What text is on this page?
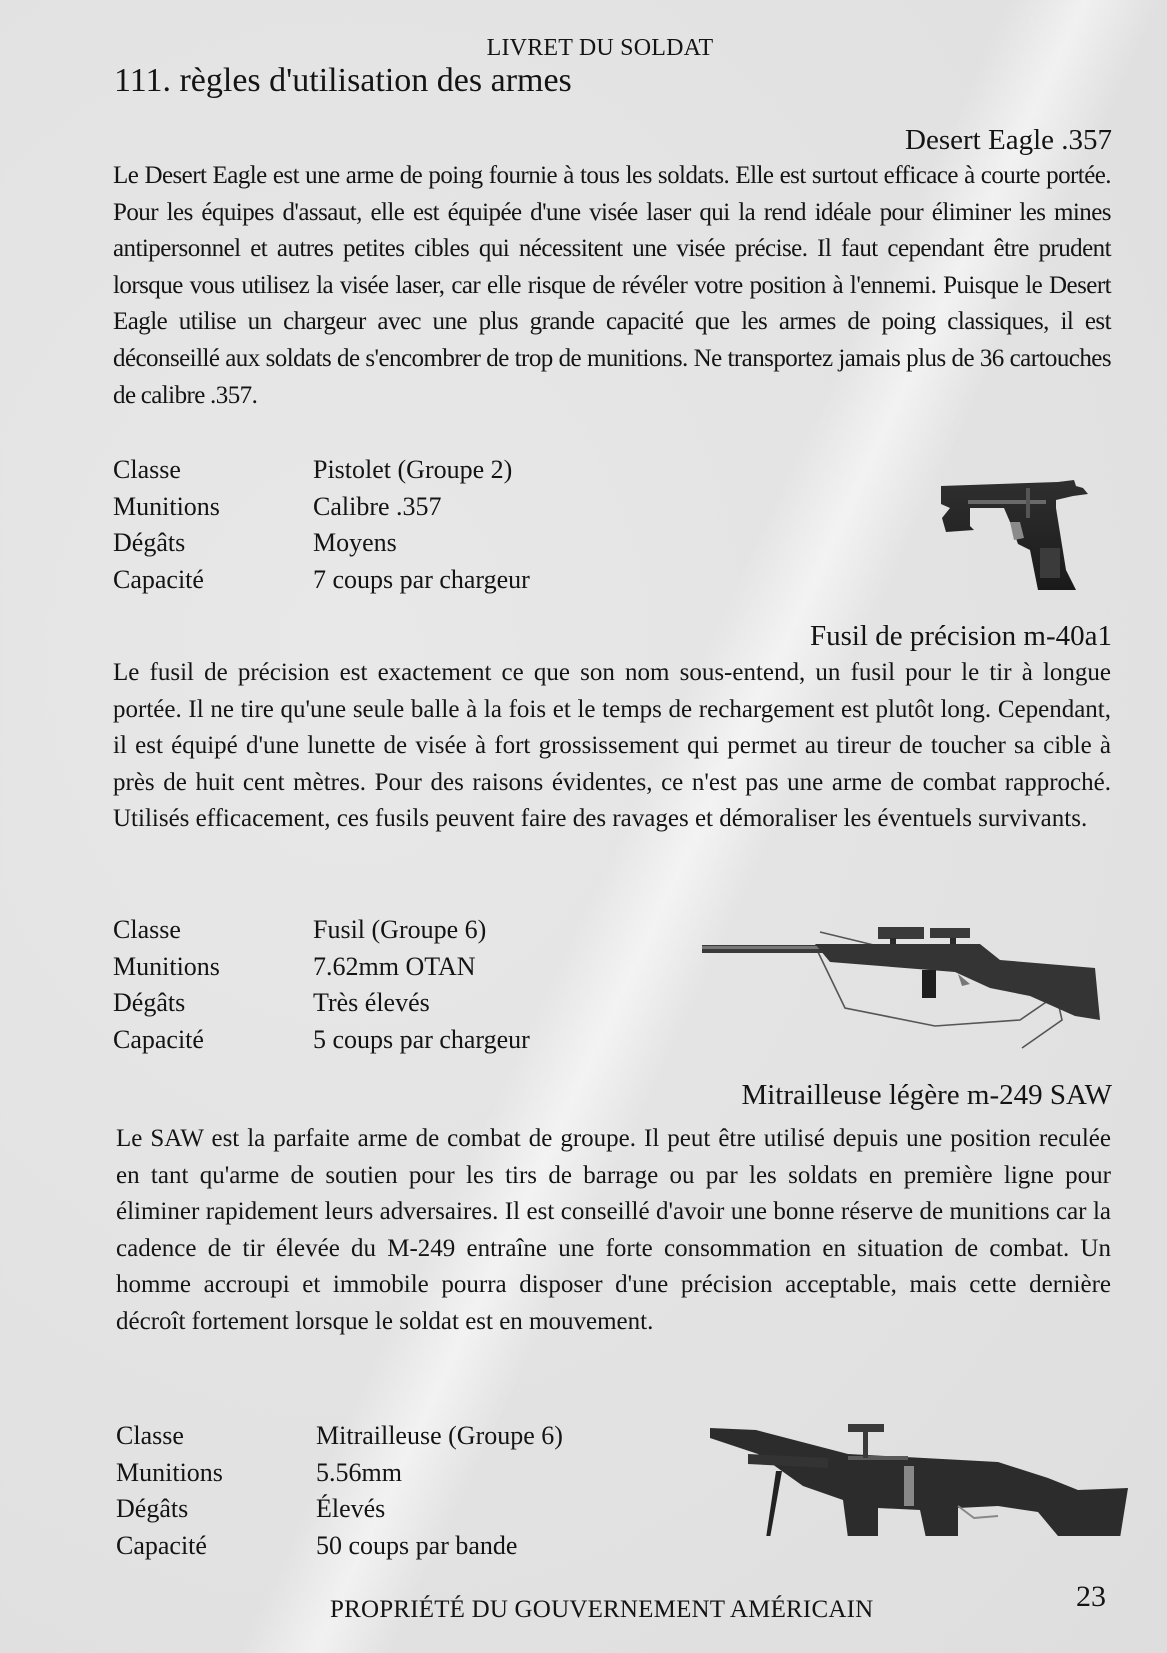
LIVRET DU SOLDAT
111. règles d'utilisation des armes
Desert Eagle .357
Le Desert Eagle est une arme de poing fournie à tous les soldats. Elle est surtout efficace à courte portée. Pour les équipes d'assaut, elle est équipée d'une visée laser qui la rend idéale pour éliminer les mines antipersonnel et autres petites cibles qui nécessitent une visée précise. Il faut cependant être prudent lorsque vous utilisez la visée laser, car elle risque de révéler votre position à l'ennemi. Puisque le Desert Eagle utilise un chargeur avec une plus grande capacité que les armes de poing classiques, il est déconseillé aux soldats de s'encombrer de trop de munitions. Ne transportez jamais plus de 36 cartouches de calibre .357.
Classe	Pistolet (Groupe 2)
Munitions	Calibre .357
Dégâts	Moyens
Capacité	7 coups par chargeur
Fusil de précision m-40a1
Le fusil de précision est exactement ce que son nom sous-entend, un fusil pour le tir à longue portée. Il ne tire qu'une seule balle à la fois et le temps de rechargement est plutôt long. Cependant, il est équipé d'une lunette de visée à fort grossissement qui permet au tireur de toucher sa cible à près de huit cent mètres. Pour des raisons évidentes, ce n'est pas une arme de combat rapproché. Utilisés efficacement, ces fusils peuvent faire des ravages et démoraliser les éventuels survivants.
Classe	Fusil (Groupe 6)
Munitions	7.62mm OTAN
Dégâts	Très élevés
Capacité	5 coups par chargeur
Mitrailleuse légère m-249 SAW
Le SAW est la parfaite arme de combat de groupe. Il peut être utilisé depuis une position reculée en tant qu'arme de soutien pour les tirs de barrage ou par les soldats en première ligne pour éliminer rapidement leurs adversaires. Il est conseillé d'avoir une bonne réserve de munitions car la cadence de tir élevée du M-249 entraîne une forte consommation en situation de combat. Un homme accroupi et immobile pourra disposer d'une précision acceptable, mais cette dernière décroît fortement lorsque le soldat est en mouvement.
Classe	Mitrailleuse (Groupe 6)
Munitions	5.56mm
Dégâts	Élevés
Capacité	50 coups par bande
PROPRIÉTÉ DU GOUVERNEMENT AMÉRICAIN	23
